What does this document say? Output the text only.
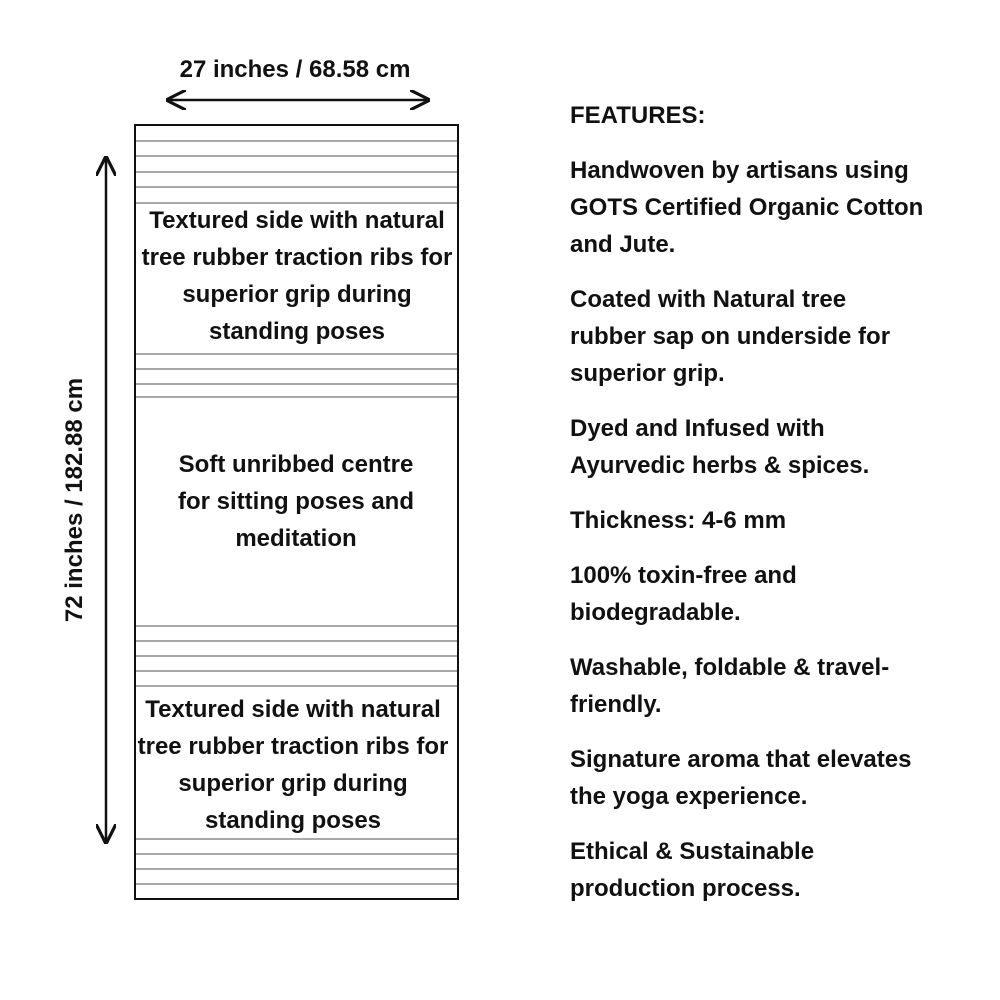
27 inches / 68.58 cm
72 inches / 182.88 cm
Textured side with natural tree rubber traction ribs for superior grip during standing poses
Soft unribbed centre for sitting poses and meditation
Textured side with natural tree rubber traction ribs for superior grip during standing poses
FEATURES:
Handwoven by artisans using GOTS Certified Organic Cotton and Jute.
Coated with Natural tree rubber sap on underside for superior grip.
Dyed and Infused with Ayurvedic herbs & spices.
Thickness: 4-6 mm
100% toxin-free and biodegradable.
Washable, foldable & travel-friendly.
Signature aroma that elevates the yoga experience.
Ethical & Sustainable production process.
